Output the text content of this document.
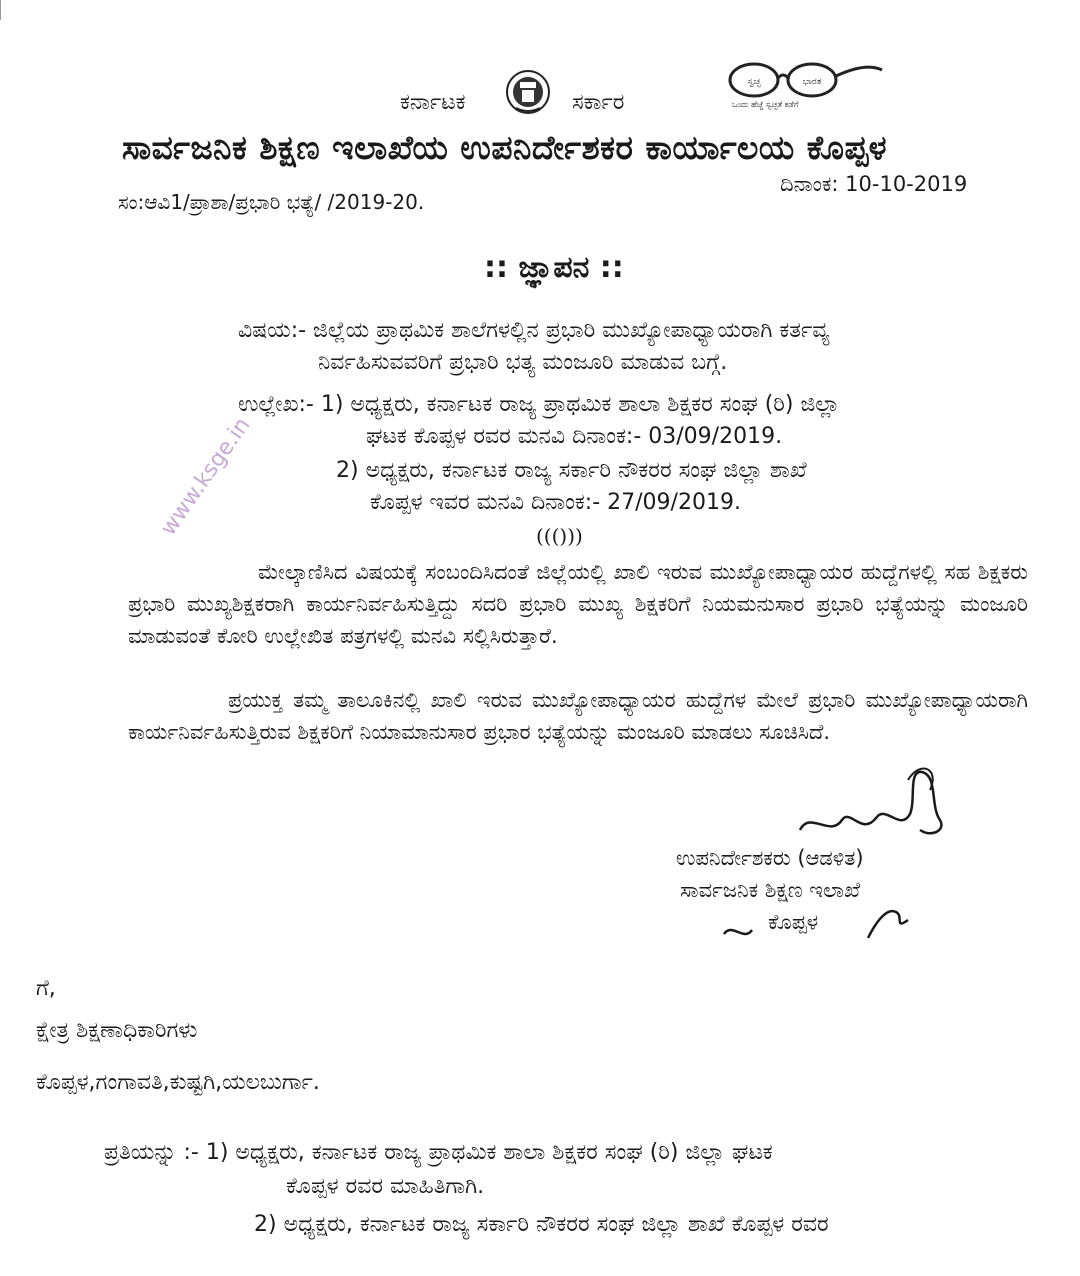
ಕರ್ನಾಟಕ	ಸರ್ಕಾರ
ಸ್ವಚ್ಛ	ಭಾರತ
ಒಂದು ಹೆಜ್ಜೆ ಸ್ವಚ್ಛತೆ ಕಡೆಗೆ
ಸಾರ್ವಜನಿಕ ಶಿಕ್ಷಣ ಇಲಾಖೆಯ ಉಪನಿರ್ದೇಶಕರ ಕಾರ್ಯಾಲಯ ಕೊಪ್ಪಳ
ದಿನಾಂಕ: 10-10-2019
ಸಂ:ಆವಿ1/ಪ್ರಾಶಾ/ಪ್ರಭಾರಿ ಭತ್ಯೆ/ /2019-20.
:: ಜ್ಞಾಪನ ::
ವಿಷಯ:- ಜಿಲ್ಲೆಯ ಪ್ರಾಥಮಿಕ ಶಾಲೆಗಳಲ್ಲಿನ ಪ್ರಭಾರಿ ಮುಖ್ಯೋಪಾಧ್ಯಾಯರಾಗಿ ಕರ್ತವ್ಯ
ನಿರ್ವಹಿಸುವವರಿಗೆ ಪ್ರಭಾರಿ ಭತ್ಯ ಮಂಜೂರಿ ಮಾಡುವ ಬಗ್ಗೆ.
ಉಲ್ಲೇಖ:- 1) ಅಧ್ಯಕ್ಷರು, ಕರ್ನಾಟಕ ರಾಜ್ಯ ಪ್ರಾಥಮಿಕ ಶಾಲಾ ಶಿಕ್ಷಕರ ಸಂಘ (ರಿ) ಜಿಲ್ಲಾ
ಘಟಕ ಕೊಪ್ಪಳ ರವರ ಮನವಿ ದಿನಾಂಕ:- 03/09/2019.
2) ಅಧ್ಯಕ್ಷರು, ಕರ್ನಾಟಕ ರಾಜ್ಯ ಸರ್ಕಾರಿ ನೌಕರರ ಸಂಘ ಜಿಲ್ಲಾ ಶಾಖೆ
ಕೊಪ್ಪಳ ಇವರ ಮನವಿ ದಿನಾಂಕ:- 27/09/2019.
((()))
www.ksge.in
ಮೇಲ್ಕಾಣಿಸಿದ ವಿಷಯಕ್ಕೆ ಸಂಬಂದಿಸಿದಂತೆ ಜಿಲ್ಲೆಯಲ್ಲಿ ಖಾಲಿ ಇರುವ ಮುಖ್ಯೋಪಾಧ್ಯಾಯರ ಹುದ್ದೆಗಳಲ್ಲಿ ಸಹ ಶಿಕ್ಷಕರು ಪ್ರಭಾರಿ ಮುಖ್ಯಶಿಕ್ಷಕರಾಗಿ ಕಾರ್ಯನಿರ್ವಹಿಸುತ್ತಿದ್ದು ಸದರಿ ಪ್ರಭಾರಿ ಮುಖ್ಯ ಶಿಕ್ಷಕರಿಗೆ ನಿಯಮನುಸಾರ ಪ್ರಭಾರಿ ಭತ್ಯೆಯನ್ನು ಮಂಜೂರಿ ಮಾಡುವಂತೆ ಕೋರಿ ಉಲ್ಲೇಖಿತ ಪತ್ರಗಳಲ್ಲಿ ಮನವಿ ಸಲ್ಲಿಸಿರುತ್ತಾರೆ.
ಪ್ರಯುಕ್ತ ತಮ್ಮ ತಾಲೂಕಿನಲ್ಲಿ ಖಾಲಿ ಇರುವ ಮುಖ್ಯೋಪಾಧ್ಯಾಯರ ಹುದ್ದೆಗಳ ಮೇಲೆ ಪ್ರಭಾರಿ ಮುಖ್ಯೋಪಾಧ್ಯಾಯರಾಗಿ ಕಾರ್ಯನಿರ್ವಹಿಸುತ್ತಿರುವ ಶಿಕ್ಷಕರಿಗೆ ನಿಯಾಮಾನುಸಾರ ಪ್ರಭಾರ ಭತ್ಯೆಯನ್ನು ಮಂಜೂರಿ ಮಾಡಲು ಸೂಚಿಸಿದೆ.
ಉಪನಿರ್ದೇಶಕರು (ಆಡಳಿತ)
ಸಾರ್ವಜನಿಕ ಶಿಕ್ಷಣ ಇಲಾಖೆ
ಕೊಪ್ಪಳ
ಗೆ,
ಕ್ಷೇತ್ರ ಶಿಕ್ಷಣಾಧಿಕಾರಿಗಳು
ಕೊಪ್ಪಳ,ಗಂಗಾವತಿ,ಕುಷ್ಟಗಿ,ಯಲಬುರ್ಗಾ.
ಪ್ರತಿಯನ್ನು :- 1) ಅಧ್ಯಕ್ಷರು, ಕರ್ನಾಟಕ ರಾಜ್ಯ ಪ್ರಾಥಮಿಕ ಶಾಲಾ ಶಿಕ್ಷಕರ ಸಂಘ (ರಿ) ಜಿಲ್ಲಾ ಘಟಕ
ಕೊಪ್ಪಳ ರವರ ಮಾಹಿತಿಗಾಗಿ.
2) ಅಧ್ಯಕ್ಷರು, ಕರ್ನಾಟಕ ರಾಜ್ಯ ಸರ್ಕಾರಿ ನೌಕರರ ಸಂಘ ಜಿಲ್ಲಾ ಶಾಖೆ ಕೊಪ್ಪಳ ರವರ
